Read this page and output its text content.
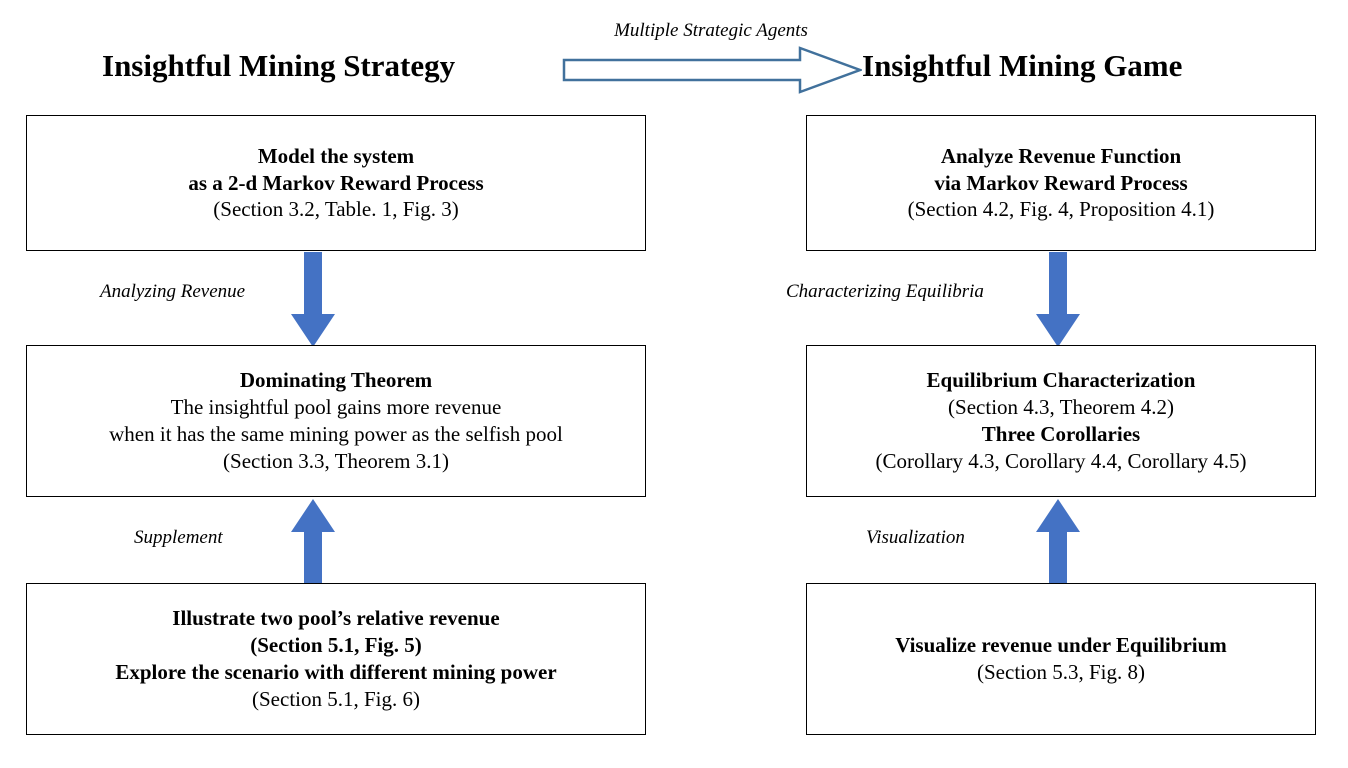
Insightful Mining Strategy	Insightful Mining Game
Multiple Strategic Agents
Model the system
as a 2-d Markov Reward Process
(Section 3.2, Table. 1, Fig. 3)
Analyzing Revenue
Dominating Theorem
The insightful pool gains more revenue
when it has the same mining power as the selfish pool
(Section 3.3, Theorem 3.1)
Supplement
Illustrate two pool’s relative revenue
(Section 5.1, Fig. 5)
Explore the scenario with different mining power
(Section 5.1, Fig. 6)
Analyze Revenue Function
via Markov Reward Process
(Section 4.2, Fig. 4, Proposition 4.1)
Characterizing Equilibria
Equilibrium Characterization
(Section 4.3, Theorem 4.2)
Three Corollaries
(Corollary 4.3, Corollary 4.4, Corollary 4.5)
Visualization
Visualize revenue under Equilibrium
(Section 5.3, Fig. 8)
